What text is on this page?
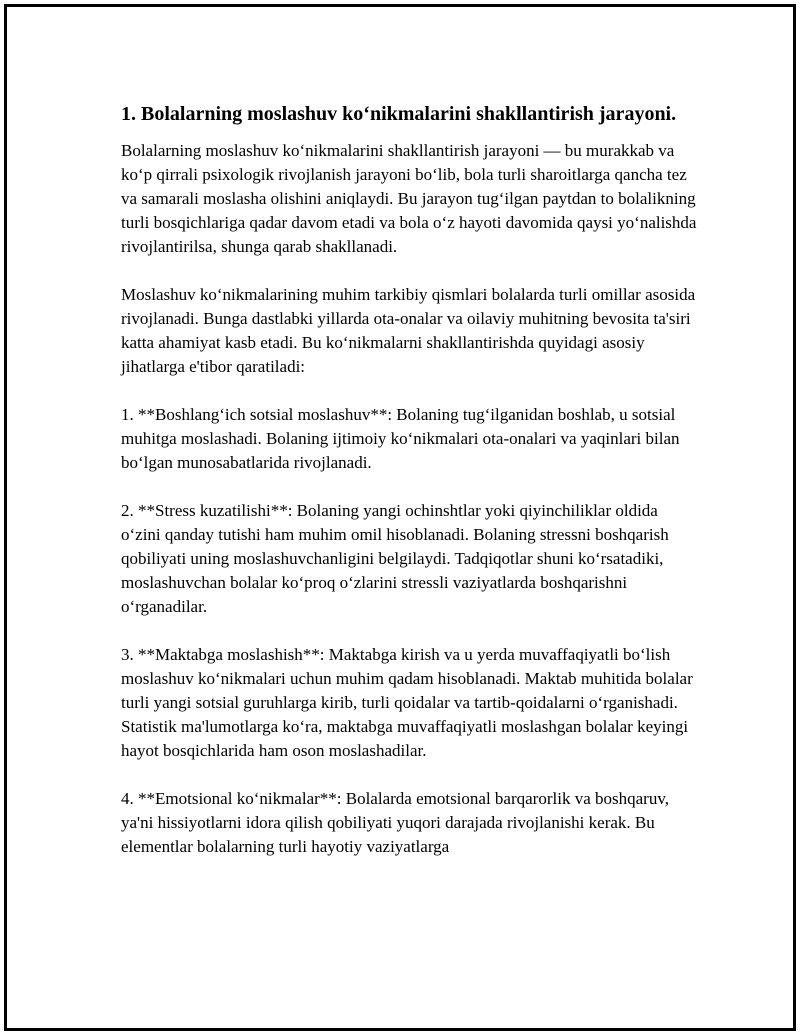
1. Bolalarning moslashuv koʻnikmalarini shakllantirish jarayoni.

Bolalarning moslashuv koʻnikmalarini shakllantirish jarayoni — bu murakkab va koʻp qirrali psixologik rivojlanish jarayoni boʻlib, bola turli sharoitlarga qancha tez va samarali moslasha olishini aniqlaydi. Bu jarayon tugʻilgan paytdan to bolalikning turli bosqichlariga qadar davom etadi va bola oʻz hayoti davomida qaysi yoʻnalishda rivojlantirilsa, shunga qarab shakllanadi.

Moslashuv koʻnikmalarining muhim tarkibiy qismlari bolalarda turli omillar asosida rivojlanadi. Bunga dastlabki yillarda ota-onalar va oilaviy muhitning bevosita ta'siri katta ahamiyat kasb etadi. Bu koʻnikmalarni shakllantirishda quyidagi asosiy jihatlarga e'tibor qaratiladi:

1. **Boshlangʻich sotsial moslashuv**: Bolaning tugʻilganidan boshlab, u sotsial muhitga moslashadi. Bolaning ijtimoiy koʻnikmalari ota-onalari va yaqinlari bilan boʻlgan munosabatlarida rivojlanadi.

2. **Stress kuzatilishi**: Bolaning yangi ochinshtlar yoki qiyinchiliklar oldida oʻzini qanday tutishi ham muhim omil hisoblanadi. Bolaning stressni boshqarish qobiliyati uning moslashuvchanligini belgilaydi. Tadqiqotlar shuni koʻrsatadiki, moslashuvchan bolalar koʻproq oʻzlarini stressli vaziyatlarda boshqarishni oʻrganadilar.

3. **Maktabga moslashish**: Maktabga kirish va u yerda muvaffaqiyatli boʻlish moslashuv koʻnikmalari uchun muhim qadam hisoblanadi. Maktab muhitida bolalar turli yangi sotsial guruhlarga kirib, turli qoidalar va tartib-qoidalarni oʻrganishadi. Statistik ma'lumotlarga koʻra, maktabga muvaffaqiyatli moslashgan bolalar keyingi hayot bosqichlarida ham oson moslashadilar.

4. **Emotsional koʻnikmalar**: Bolalarda emotsional barqarorlik va boshqaruv, ya'ni hissiyotlarni idora qilish qobiliyati yuqori darajada rivojlanishi kerak. Bu elementlar bolalarning turli hayotiy vaziyatlarga
